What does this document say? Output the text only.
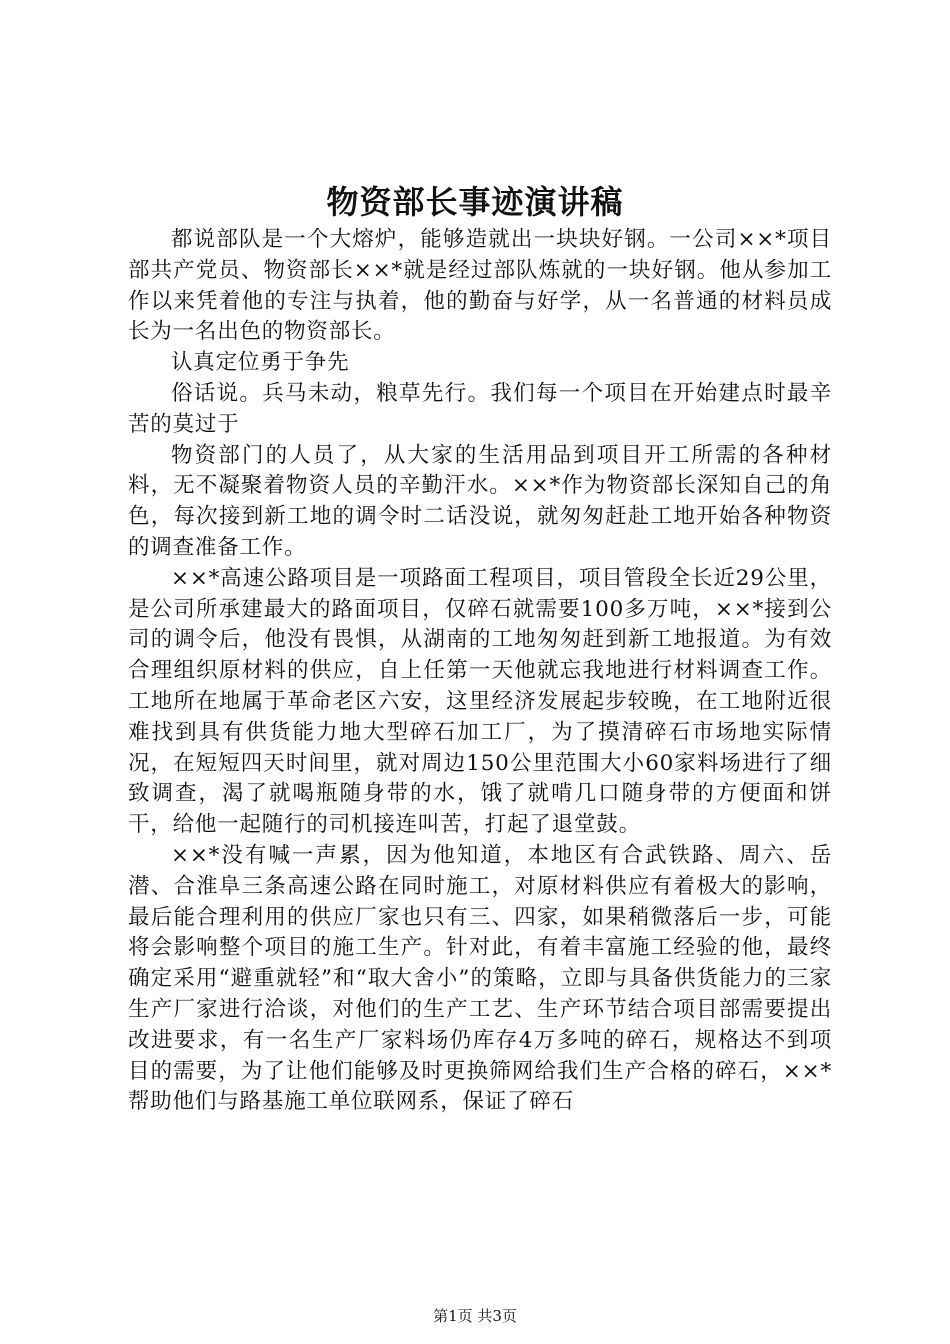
物资部长事迹演讲稿

都说部队是一个大熔炉，能够造就出一块块好钢。一公司××*项目部共产党员、物资部长××*就是经过部队炼就的一块好钢。他从参加工作以来凭着他的专注与执着，他的勤奋与好学，从一名普通的材料员成长为一名出色的物资部长。

认真定位勇于争先

俗话说。兵马未动，粮草先行。我们每一个项目在开始建点时最辛苦的莫过于

物资部门的人员了，从大家的生活用品到项目开工所需的各种材料，无不凝聚着物资人员的辛勤汗水。××*作为物资部长深知自己的角色，每次接到新工地的调令时二话没说，就匆匆赶赴工地开始各种物资的调查准备工作。

××*高速公路项目是一项路面工程项目，项目管段全长近29公里，是公司所承建最大的路面项目，仅碎石就需要100多万吨，××*接到公司的调令后，他没有畏惧，从湖南的工地匆匆赶到新工地报道。为有效合理组织原材料的供应，自上任第一天他就忘我地进行材料调查工作。工地所在地属于革命老区六安，这里经济发展起步较晚，在工地附近很难找到具有供货能力地大型碎石加工厂，为了摸清碎石市场地实际情况，在短短四天时间里，就对周边150公里范围大小60家料场进行了细致调查，渴了就喝瓶随身带的水，饿了就啃几口随身带的方便面和饼干，给他一起随行的司机接连叫苦，打起了退堂鼓。

××*没有喊一声累，因为他知道，本地区有合武铁路、周六、岳潜、合淮阜三条高速公路在同时施工，对原材料供应有着极大的影响，最后能合理利用的供应厂家也只有三、四家，如果稍微落后一步，可能将会影响整个项目的施工生产。针对此，有着丰富施工经验的他，最终确定采用“避重就轻”和“取大舍小”的策略，立即与具备供货能力的三家生产厂家进行洽谈，对他们的生产工艺、生产环节结合项目部需要提出改进要求，有一名生产厂家料场仍库存4万多吨的碎石，规格达不到项目的需要，为了让他们能够及时更换筛网给我们生产合格的碎石，××*帮助他们与路基施工单位联网系，保证了碎石

第1页 共3页
